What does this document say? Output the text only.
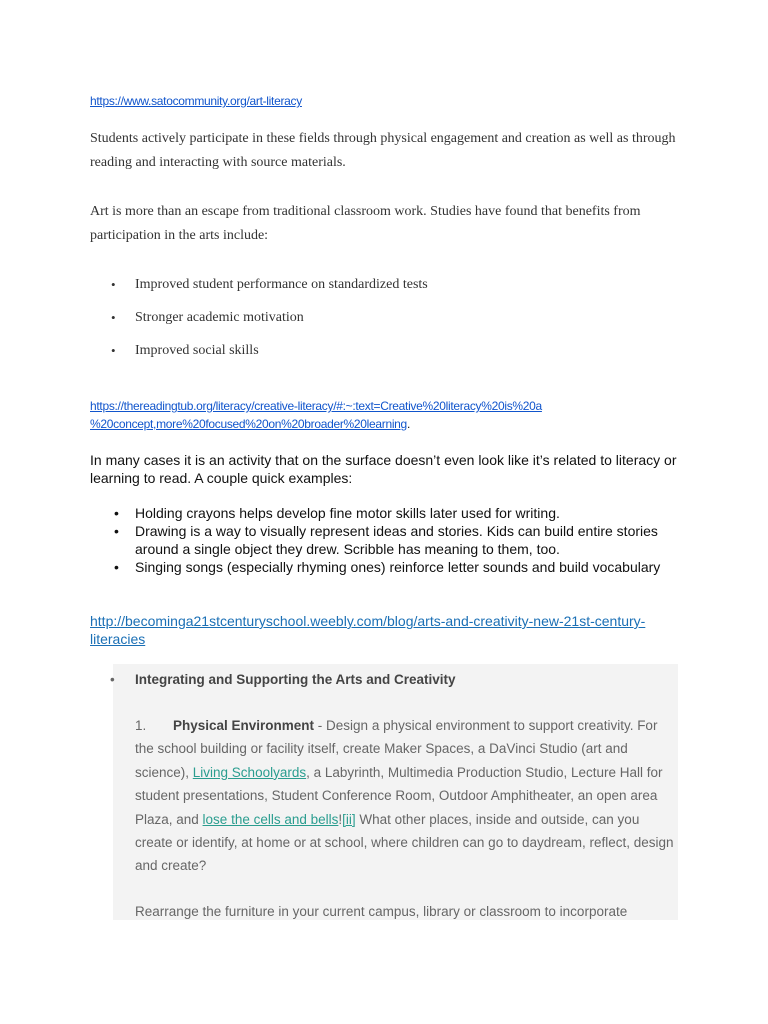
https://www.satocommunity.org/art-literacy
Students actively participate in these fields through physical engagement and creation as well as through reading and interacting with source materials.
Art is more than an escape from traditional classroom work. Studies have found that benefits from participation in the arts include:
• Improved student performance on standardized tests
• Stronger academic motivation
• Improved social skills
https://thereadingtub.org/literacy/creative-literacy/#:~:text=Creative%20literacy%20is%20a
%20concept,more%20focused%20on%20broader%20learning.
In many cases it is an activity that on the surface doesn’t even look like it’s related to literacy or learning to read. A couple quick examples:
• Holding crayons helps develop fine motor skills later used for writing.
• Drawing is a way to visually represent ideas and stories. Kids can build entire stories around a single object they drew. Scribble has meaning to them, too.
• Singing songs (especially rhyming ones) reinforce letter sounds and build vocabulary
http://becominga21stcenturyschool.weebly.com/blog/arts-and-creativity-new-21st-century-literacies
• Integrating and Supporting the Arts and Creativity
1. Physical Environment - Design a physical environment to support creativity. For the school building or facility itself, create Maker Spaces, a DaVinci Studio (art and science), Living Schoolyards, a Labyrinth, Multimedia Production Studio, Lecture Hall for student presentations, Student Conference Room, Outdoor Amphitheater, an open area Plaza, and lose the cells and bells![ii] What other places, inside and outside, can you create or identify, at home or at school, where children can go to daydream, reflect, design and create?
Rearrange the furniture in your current campus, library or classroom to incorporate
